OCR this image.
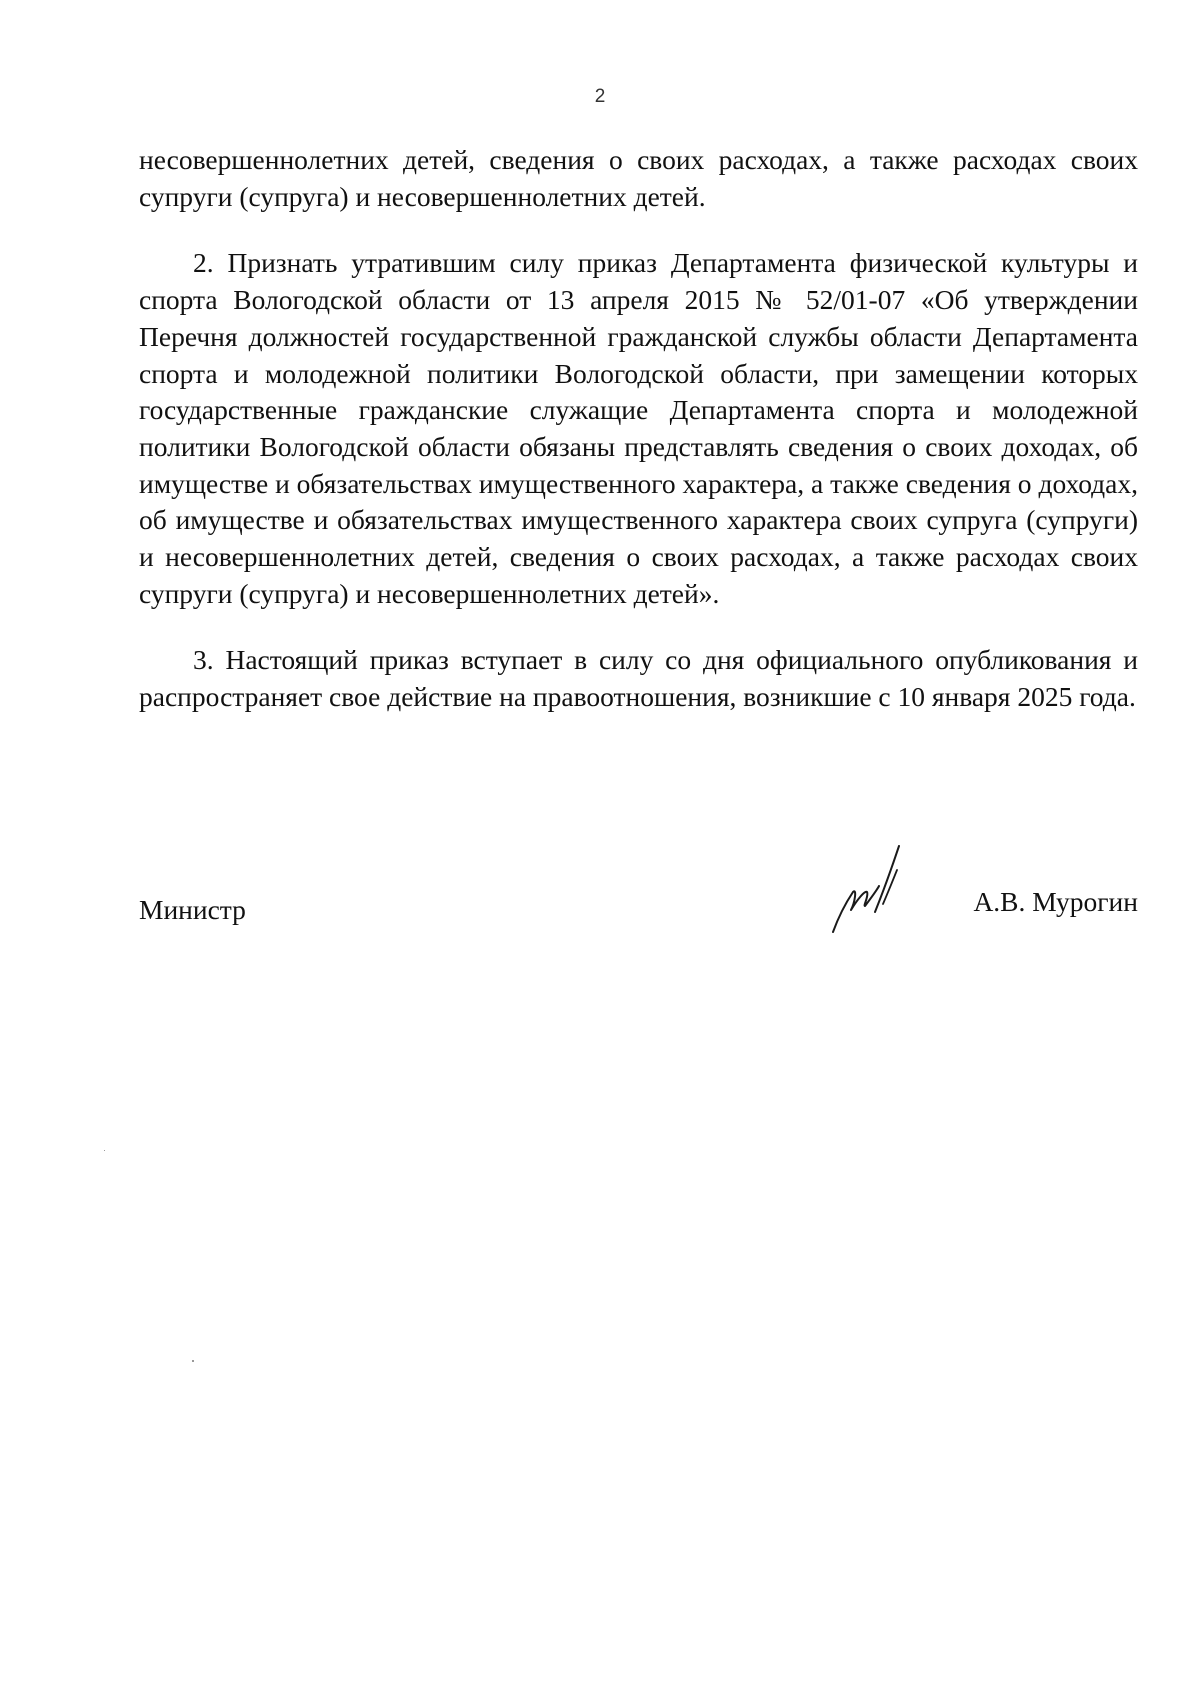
2

несовершеннолетних детей, сведения о своих расходах, а также расходах своих супруги (супруга) и несовершеннолетних детей.

2. Признать утратившим силу приказ Департамента физической культуры и спорта Вологодской области от 13 апреля 2015 № 52/01-07 «Об утверждении Перечня должностей государственной гражданской службы области Департамента спорта и молодежной политики Вологодской области, при замещении которых государственные гражданские служащие Департамента спорта и молодежной политики Вологодской области обязаны представлять сведения о своих доходах, об имуществе и обязательствах имущественного характера, а также сведения о доходах, об имуществе и обязательствах имущественного характера своих супруга (супруги) и несовершеннолетних детей, сведения о своих расходах, а также расходах своих супруги (супруга) и несовершеннолетних детей».

3. Настоящий приказ вступает в силу со дня официального опубликования и распространяет свое действие на правоотношения, возникшие с 10 января 2025 года.

Министр	А.В. Мурогин
